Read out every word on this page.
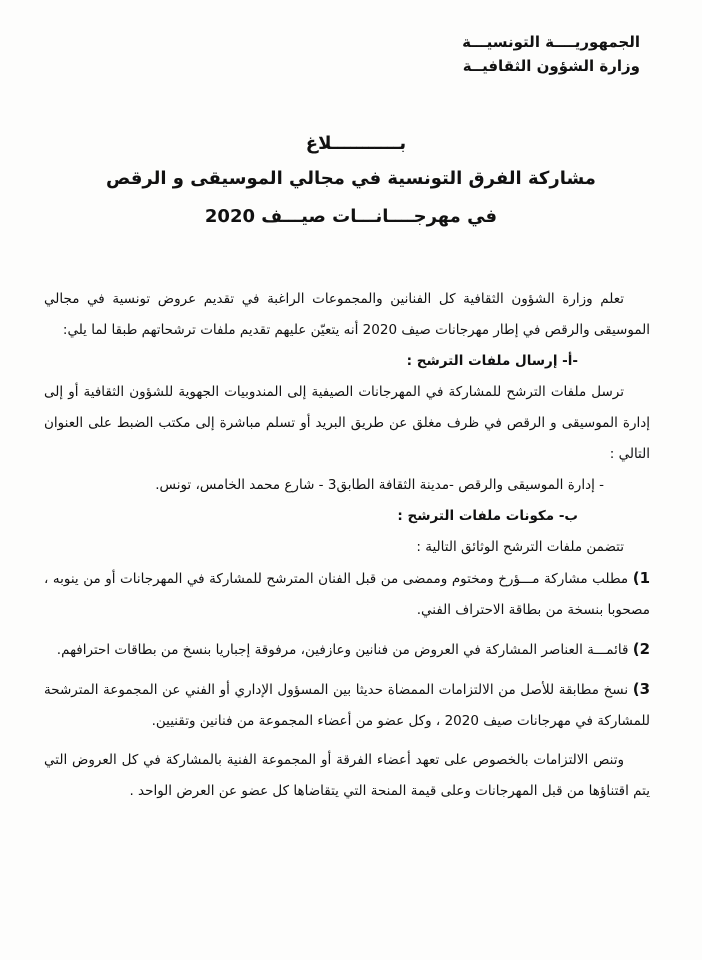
الجمهوريــــة التونسيـــة
وزارة الشؤون الثقافيــة
بـــــــــــلاغ
مشاركة الفرق التونسية في مجالي الموسيقى و الرقص
في مهرجــــانـــات صيـــف 2020

تعلم وزارة الشؤون الثقافية كل الفنانين والمجموعات الراغبة في تقديم عروض تونسية في مجالي الموسيقى والرقص في إطار مهرجانات صيف 2020 أنه يتعيّن عليهم تقديم ملفات ترشحاتهم طبقا لما يلي:

-أ- إرسال ملفات الترشح :

ترسل ملفات الترشح للمشاركة في المهرجانات الصيفية إلى المندوبيات الجهوية للشؤون الثقافية أو إلى إدارة الموسيقى و الرقص في ظرف مغلق عن طريق البريد أو تسلم مباشرة إلى مكتب الضبط على العنوان التالي :

- إدارة الموسيقى والرقص -مدينة الثقافة الطابق3 - شارع محمد الخامس، تونس.

ب- مكونات ملفات الترشح :

تتضمن ملفات الترشح الوثائق التالية :

1) مطلب مشاركة مـــؤرخ ومختوم وممضى من قبل الفنان المترشح للمشاركة في المهرجانات أو من ينوبه ، مصحوبا بنسخة من بطاقة الاحتراف الفني.

2) قائمـــة العناصر المشاركة في العروض من فنانين وعازفين، مرفوقة إجباريا بنسخ من بطاقات احترافهم.

3) نسخ مطابقة للأصل من الالتزامات الممضاة حديثا بين المسؤول الإداري أو الفني عن المجموعة المترشحة للمشاركة في مهرجانات صيف 2020 ، وكل عضو من أعضاء المجموعة من فنانين وتقنيين.

وتنص الالتزامات بالخصوص على تعهد أعضاء الفرقة أو المجموعة الفنية بالمشاركة في كل العروض التي يتم اقتناؤها من قبل المهرجانات وعلى قيمة المنحة التي يتقاضاها كل عضو عن العرض الواحد .
